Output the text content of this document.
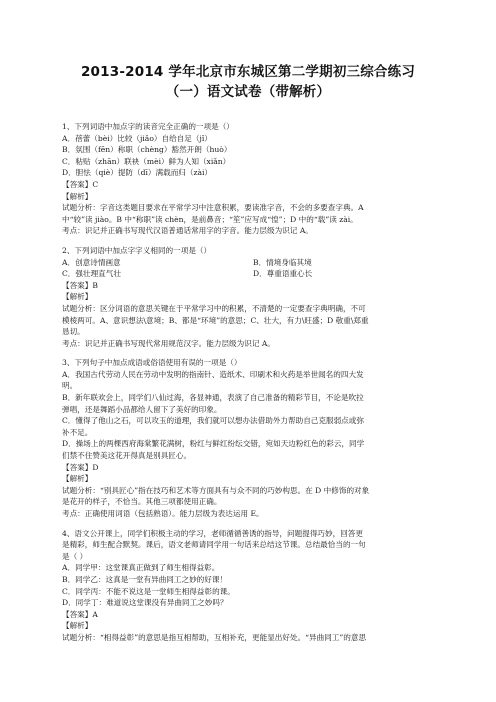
2013-2014 学年北京市东城区第二学期初三综合练习
（一）语文试卷（带解析）

1、下列词语中加点字的读音完全正确的一项是（）

A．蓓蕾（bèi）比较（jiǎo）自给自足（jǐ）

B．氛围（fēn）称职（chèng）豁然开朗（huò）

C．粘贴（zhān）联袂（mèi）鲜为人知（xiǎn）

D．胆怯（qiè）提防（dī）满载而归（zài）

【答案】C

【解析】

试题分析：字音这类题目要求在平常学习中注意积累，要读准字音，不会的多要查字典。A

中“较”读 jiào。B 中“称职”读 chèn，是前鼻音；“笙”应写成“惶”；D 中的“载”读 zài。

考点：识记并正确书写现代汉语普通话常用字的字音。能力层级为识记 A。

2、下列词语中加点字字义相同的一项是（）

A．创意诗情画意	B．情境身临其境
C．强壮理直气壮	D．尊重语重心长

【答案】B

【解析】

试题分析：区分词语的意思关键在于平常学习中的积累，不清楚的一定要查字典明确，不可

模棱两可。A、意识想法\意境；B、都是“环境”的意思；C、壮大，有力\旺盛；D 敬重\郑重

恳切。

考点：识记并正确书写现代常用规范汉字。能力层级为识记 A。

3、下列句子中加点成语或俗语使用有误的一项是（）

A．我国古代劳动人民在劳动中发明的指南针、造纸术、印刷术和火药是举世闻名的四大发

明。

B．新年联欢会上，同学们八仙过海，各显神通，表演了自己准备的精彩节目，不论是吹拉

弹唱，还是舞蹈小品都给人留下了美好的印象。

C．懂得了他山之石，可以攻玉的道理，我们就可以想办法借助外力帮助自己克服弱点或弥

补不足。

D．操场上的两棵西府海棠繁花满树，粉红与鲜红纷纭交错，宛如天边粉红色的彩云，同学

们禁不住赞美这花开得真是别具匠心。

【答案】D

【解析】

试题分析：“别具匠心”指在技巧和艺术等方面具有与众不同的巧妙构思。在 D 中修饰的对象

是花开的样子，不恰当。其他三项都使用正确。

考点：正确使用词语（包括熟语）。能力层级为表达运用 E。

4、语文公开课上，同学们积极主动的学习，老师循循善诱的指导，问题提得巧妙，回答更

是精彩，师生配合默契。课后，语文老师请同学用一句话来总结这节课。总结最恰当的一句

是（ ）

A．同学甲：这堂课真正做到了师生相得益彰。

B．同学乙：这真是一堂有异曲同工之妙的好课！

C．同学丙：不能不说这是一堂师生相得益彰的课。

D．同学丁：难道说这堂课没有异曲同工之妙吗？

【答案】A

【解析】

试题分析：“相得益彰”的意思是指互相帮助，互相补充，更能显出好处。“异曲同工”的意思
